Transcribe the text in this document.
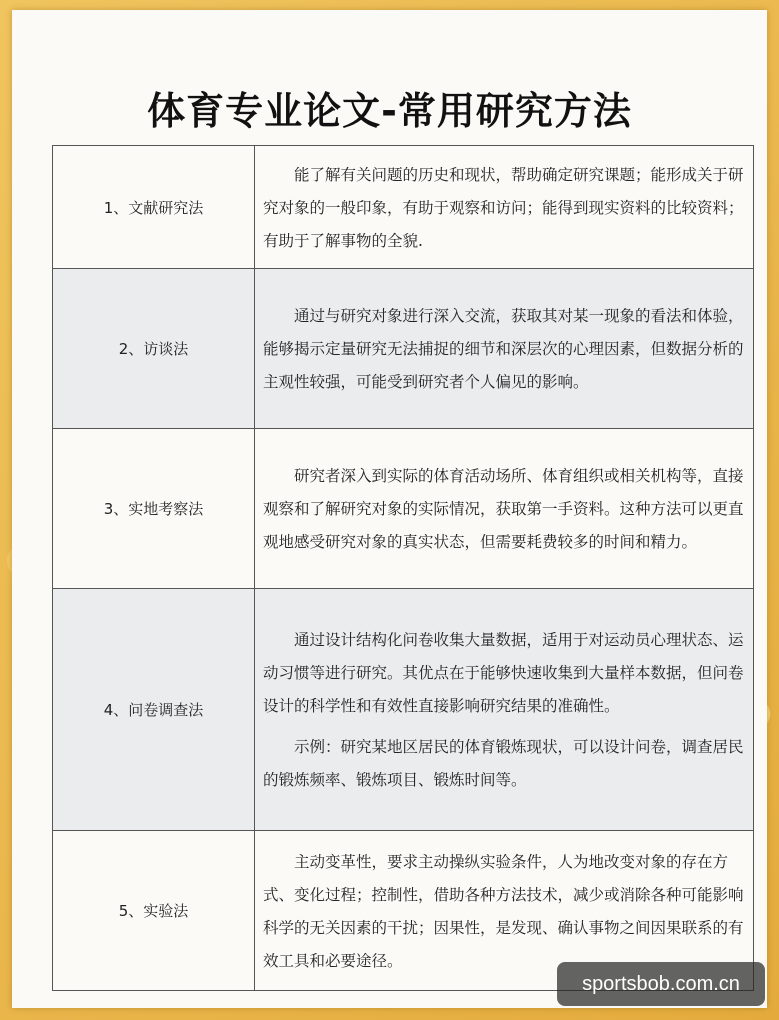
体育专业论文-常用研究方法
1、文献研究法	能了解有关问题的历史和现状，帮助确定研究课题；能形成关于研究对象的一般印象，有助于观察和访问；能得到现实资料的比较资料；有助于了解事物的全貌.

2、访谈法	通过与研究对象进行深入交流，获取其对某一现象的看法和体验，能够揭示定量研究无法捕捉的细节和深层次的心理因素，但数据分析的主观性较强，可能受到研究者个人偏见的影响。

3、实地考察法	研究者深入到实际的体育活动场所、体育组织或相关机构等，直接观察和了解研究对象的实际情况，获取第一手资料。这种方法可以更直观地感受研究对象的真实状态，但需要耗费较多的时间和精力。

4、问卷调查法	通过设计结构化问卷收集大量数据，适用于对运动员心理状态、运动习惯等进行研究。其优点在于能够快速收集到大量样本数据，但问卷设计的科学性和有效性直接影响研究结果的准确性。

示例：研究某地区居民的体育锻炼现状，可以设计问卷，调查居民的锻炼频率、锻炼项目、锻炼时间等。

5、实验法	主动变革性，要求主动操纵实验条件，人为地改变对象的存在方式、变化过程；控制性，借助各种方法技术，减少或消除各种可能影响科学的无关因素的干扰；因果性，是发现、确认事物之间因果联系的有效工具和必要途径。

sportsbob.com.cn
